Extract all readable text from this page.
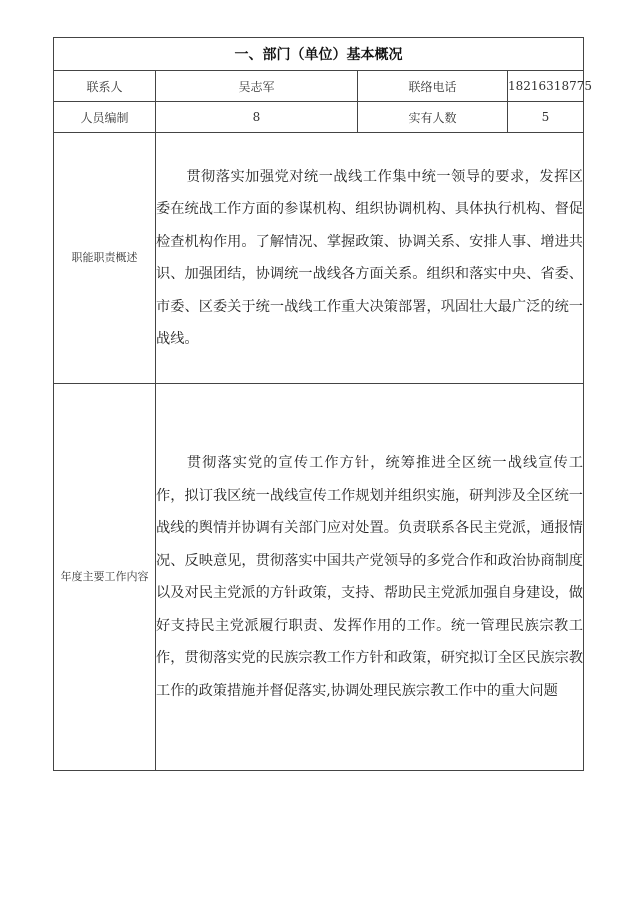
一、部门（单位）基本概况			
联系人	吴志军	联络电话	18216318775
人员编制	8	实有人数	5
职能职责概述	贯彻落实加强党对统一战线工作集中统一领导的要求，发挥区委在统战工作方面的参谋机构、组织协调机构、具体执行机构、督促检查机构作用。了解情况、掌握政策、协调关系、安排人事、增进共识、加强团结，协调统一战线各方面关系。组织和落实中央、省委、市委、区委关于统一战线工作重大决策部署，巩固壮大最广泛的统一战线。		

年度主要工作内容	贯彻落实党的宣传工作方针，统筹推进全区统一战线宣传工作，拟订我区统一战线宣传工作规划并组织实施，研判涉及全区统一战线的舆情并协调有关部门应对处置。负责联系各民主党派，通报情况、反映意见，贯彻落实中国共产党领导的多党合作和政治协商制度以及对民主党派的方针政策，支持、帮助民主党派加强自身建设，做好支持民主党派履行职责、发挥作用的工作。统一管理民族宗教工作，贯彻落实党的民族宗教工作方针和政策，研究拟订全区民族宗教工作的政策措施并督促落实,协调处理民族宗教工作中的重大问题		
